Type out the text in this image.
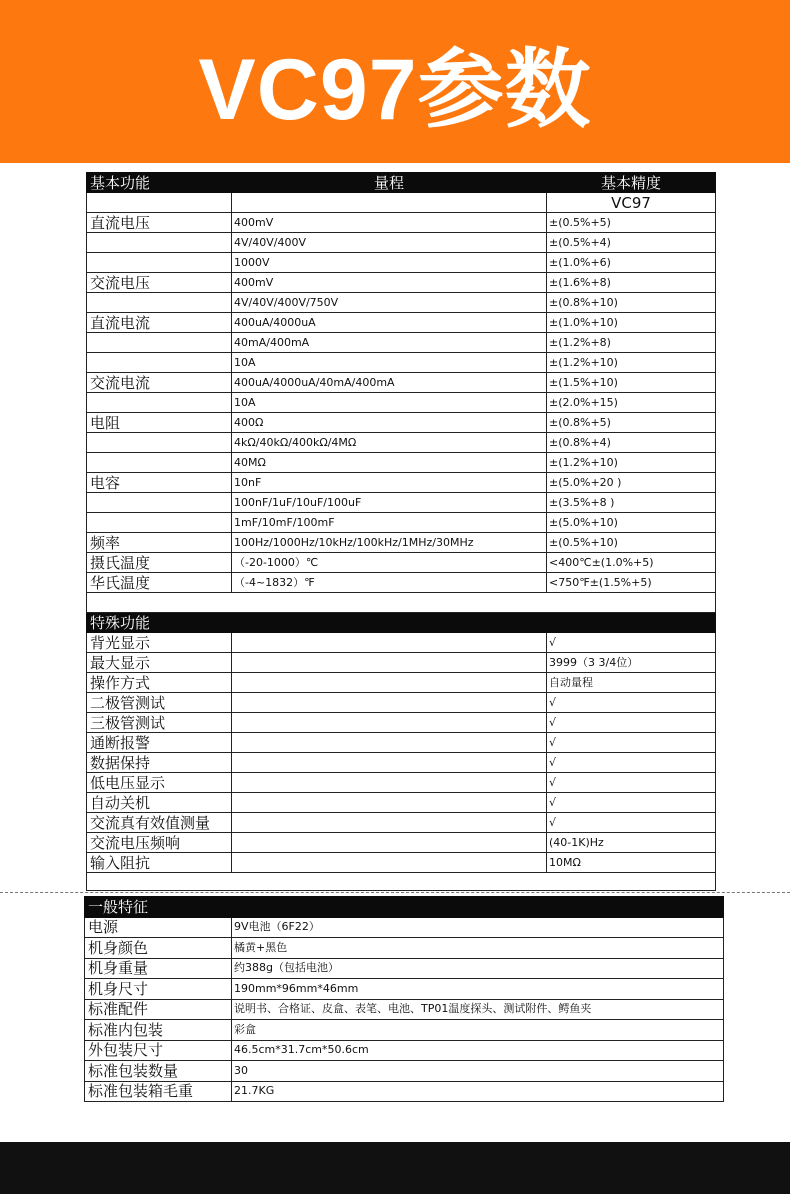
VC97参数
基本功能	量程	基本精度
		VC97
直流电压	400mV	±(0.5%+5)
	4V/40V/400V	±(0.5%+4)
	1000V	±(1.0%+6)
交流电压	400mV	±(1.6%+8)
	4V/40V/400V/750V	±(0.8%+10)
直流电流	400uA/4000uA	±(1.0%+10)
	40mA/400mA	±(1.2%+8)
	10A	±(1.2%+10)
交流电流	400uA/4000uA/40mA/400mA	±(1.5%+10)
	10A	±(2.0%+15)
电阻	400Ω	±(0.8%+5)
	4kΩ/40kΩ/400kΩ/4MΩ	±(0.8%+4)
	40MΩ	±(1.2%+10)
电容	10nF	±(5.0%+20 )
	100nF/1uF/10uF/100uF	±(3.5%+8 )
	1mF/10mF/100mF	±(5.0%+10)
频率	100Hz/1000Hz/10kHz/100kHz/1MHz/30MHz	±(0.5%+10)
摄氏温度	（-20-1000）℃	<400℃±(1.0%+5)
华氏温度	（-4~1832）℉	<750℉±(1.5%+5)

特殊功能		
背光显示		√
最大显示		3999（3 3/4位）
操作方式		自动量程
二极管测试		√
三极管测试		√
通断报警		√
数据保持		√
低电压显示		√
自动关机		√
交流真有效值测量		√
交流电压频响		(40-1K)Hz
输入阻抗		10MΩ

一般特征	
电源	9V电池（6F22）
机身颜色	橘黄+黑色
机身重量	约388g（包括电池）
机身尺寸	190mm*96mm*46mm
标准配件	说明书、合格证、皮盒、表笔、电池、TP01温度探头、测试附件、鳄鱼夹
标准内包装	彩盒
外包装尺寸	46.5cm*31.7cm*50.6cm
标准包装数量	30
标准包装箱毛重	21.7KG
